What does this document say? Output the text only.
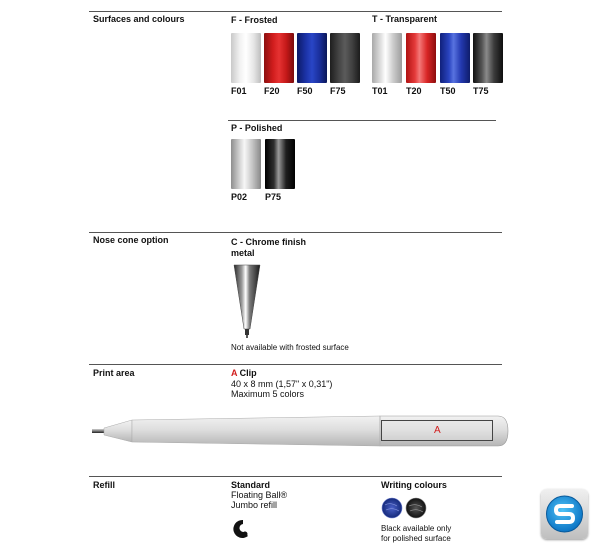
Surfaces and colours
Nose cone option
Print area
Refill
F - Frosted
F01 F20 F50 F75
T - Transparent
T01 T20 T50 T75
P - Polished
P02 P75
C - Chrome finish
metal
Not available with frosted surface
A Clip
40 x 8 mm (1,57" x 0,31")
Maximum 5 colors
A
Standard
Floating Ball®
Jumbo refill
Writing colours
Black available only
for polished surface
